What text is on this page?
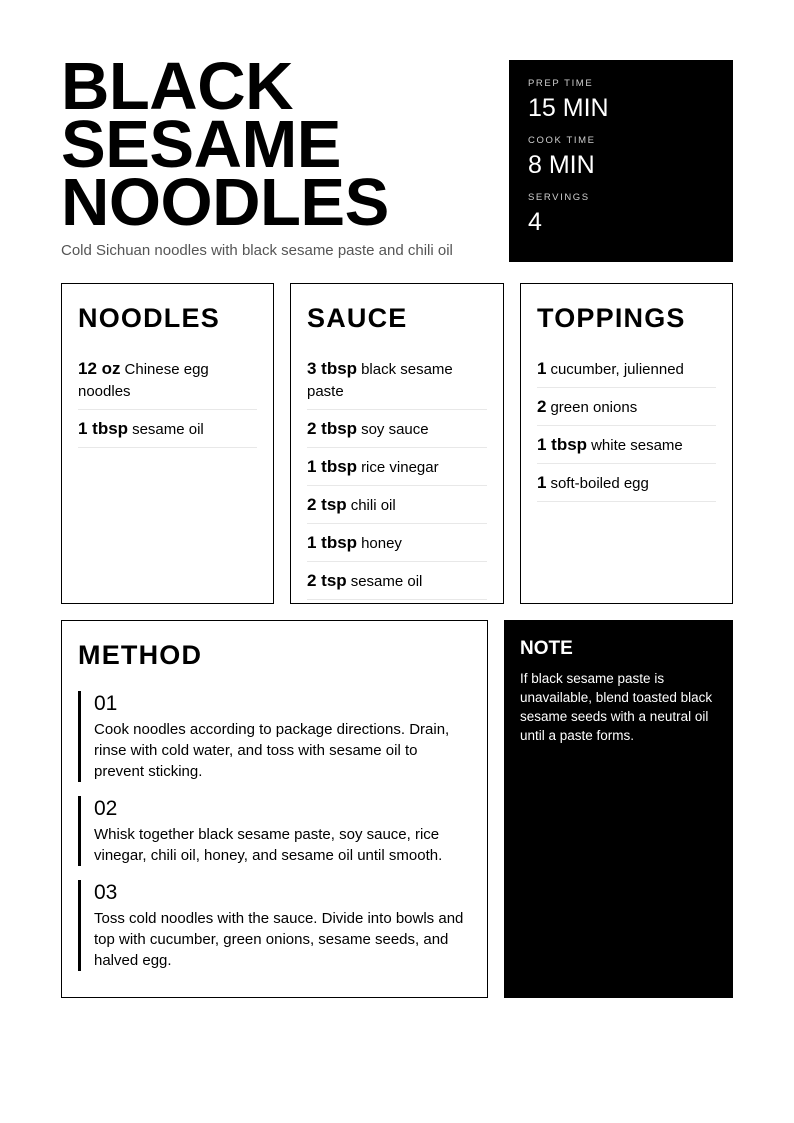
BLACK
SESAME
NOODLES

Cold Sichuan noodles with black sesame paste and chili oil

PREP TIME
15 MIN
COOK TIME
8 MIN
SERVINGS
4
NOODLES
12 oz Chinese egg noodles
1 tbsp sesame oil
SAUCE
3 tbsp black sesame paste
2 tbsp soy sauce
1 tbsp rice vinegar
2 tsp chili oil
1 tbsp honey
2 tsp sesame oil
TOPPINGS
1 cucumber, julienned
2 green onions
1 tbsp white sesame
1 soft-boiled egg
METHOD
01
Cook noodles according to package directions. Drain, rinse with cold water, and toss with sesame oil to prevent sticking.
02
Whisk together black sesame paste, soy sauce, rice vinegar, chili oil, honey, and sesame oil until smooth.
03
Toss cold noodles with the sauce. Divide into bowls and top with cucumber, green onions, sesame seeds, and halved egg.
NOTE

If black sesame paste is unavailable, blend toasted black sesame seeds with a neutral oil until a paste forms.
